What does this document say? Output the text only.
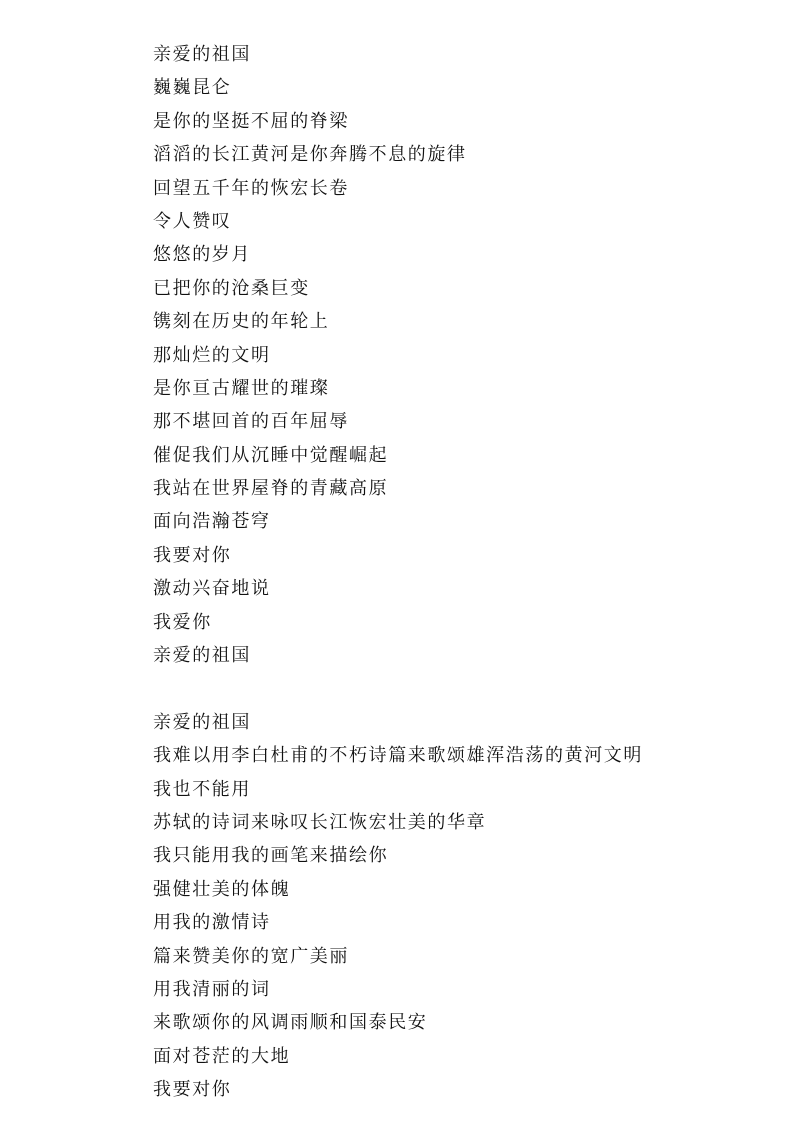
亲爱的祖国
巍巍昆仑
是你的坚挺不屈的脊梁
滔滔的长江黄河是你奔腾不息的旋律
回望五千年的恢宏长卷
令人赞叹
悠悠的岁月
已把你的沧桑巨变
镌刻在历史的年轮上
那灿烂的文明
是你亘古耀世的璀璨
那不堪回首的百年屈辱
催促我们从沉睡中觉醒崛起
我站在世界屋脊的青藏高原
面向浩瀚苍穹
我要对你
激动兴奋地说
我爱你
亲爱的祖国
亲爱的祖国
我难以用李白杜甫的不朽诗篇来歌颂雄浑浩荡的黄河文明
我也不能用
苏轼的诗词来咏叹长江恢宏壮美的华章
我只能用我的画笔来描绘你
强健壮美的体魄
用我的激情诗
篇来赞美你的宽广美丽
用我清丽的词
来歌颂你的风调雨顺和国泰民安
面对苍茫的大地
我要对你
